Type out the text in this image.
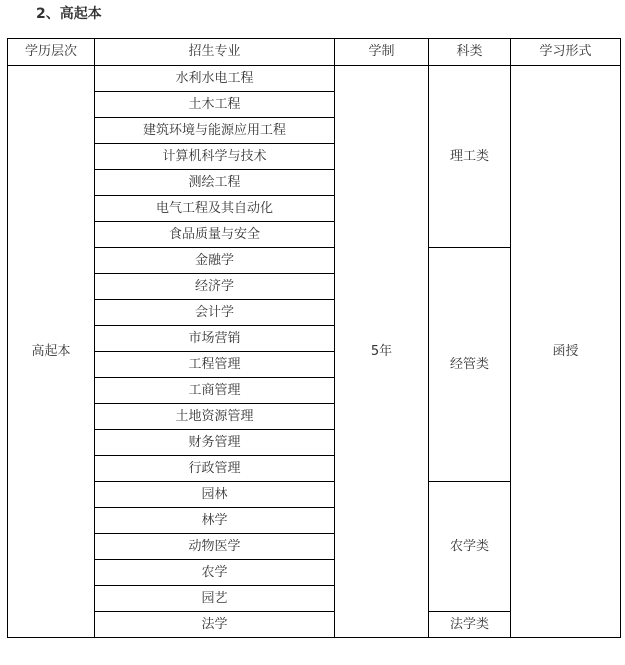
2、高起本
学历层次	招生专业	学制	科类	学习形式
高起本	水利水电工程	5年	理工类	函授
	土木工程			
	建筑环境与能源应用工程			
	计算机科学与技术			
	测绘工程			
	电气工程及其自动化			
	食品质量与安全			
	金融学		经管类	
	经济学			
	会计学			
	市场营销			
	工程管理			
	工商管理			
	土地资源管理			
	财务管理			
	行政管理			
	园林		农学类	
	林学			
	动物医学			
	农学			
	园艺			
	法学		法学类	
